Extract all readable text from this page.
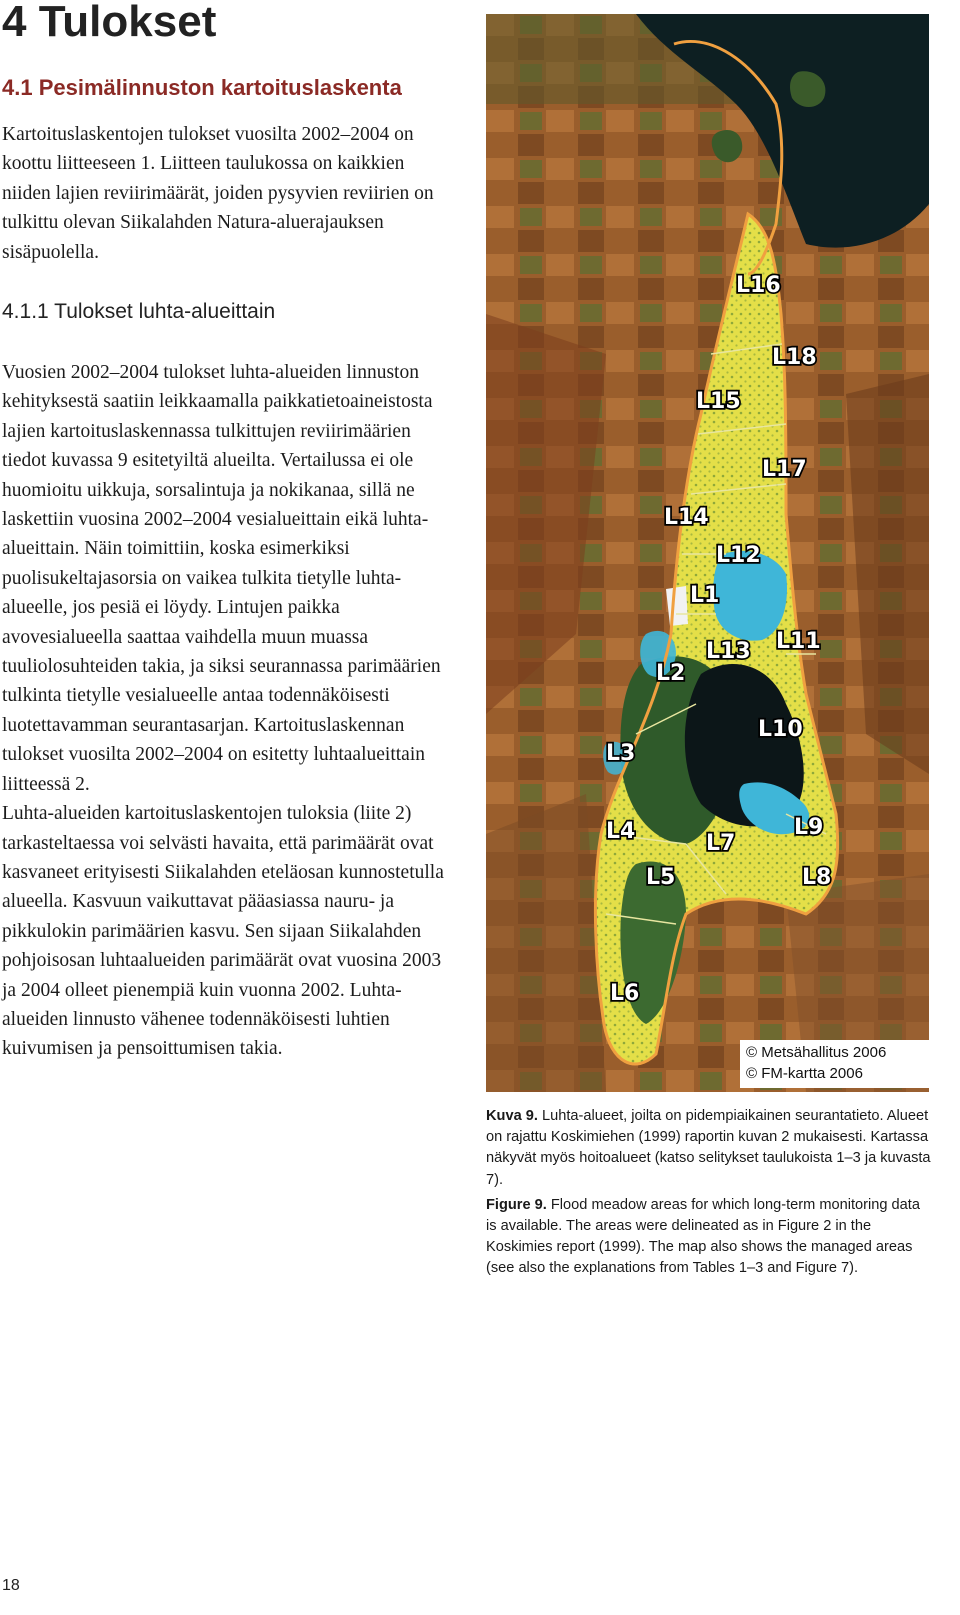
4 Tulokset
4.1 Pesimälinnuston kartoituslaskenta

Kartoituslaskentojen tulokset vuosilta 2002–2004 on koottu liitteeseen 1. Liitteen taulukossa on kaikkien niiden lajien reviirimäärät, joiden pysyvien reviirien on tulkittu olevan Siikalahden Natura-aluerajauksen sisäpuolella.

4.1.1 Tulokset luhta-alueittain

Vuosien 2002–2004 tulokset luhta-alueiden linnuston kehityksestä saatiin leikkaamalla paikkatietoaineistosta lajien kartoituslaskennassa tulkittujen reviirimäärien tiedot kuvassa 9 esitetyiltä alueilta. Vertailussa ei ole huomioitu uikkuja, sorsalintuja ja nokikanaa, sillä ne laskettiin vuosina 2002–2004 vesialueittain eikä luhta-alueittain. Näin toimittiin, koska esimerkiksi puolisukeltajasorsia on vaikea tulkita tietylle luhta-alueelle, jos pesiä ei löydy. Lintujen paikka avovesialueella saattaa vaihdella muun muassa tuuliolosuhteiden takia, ja siksi seurannassa parimäärien tulkinta tietylle vesialueelle antaa todennäköisesti luotettavamman seurantasarjan. Kartoituslaskennan tulokset vuosilta 2002–2004 on esitetty luhtaalueittain liitteessä 2.

Luhta-alueiden kartoituslaskentojen tuloksia (liite 2) tarkasteltaessa voi selvästi havaita, että parimäärät ovat kasvaneet erityisesti Siikalahden eteläosan kunnostetulla alueella. Kasvuun vaikuttavat pääasiassa nauru- ja pikkulokin parimäärien kasvu. Sen sijaan Siikalahden pohjoisosan luhtaalueiden parimäärät ovat vuosina 2003 ja 2004 olleet pienempiä kuin vuonna 2002. Luhta-alueiden linnusto vähenee todennäköisesti luhtien kuivumisen ja pensoittumisen takia.

L16
L18
L15
L17
L14
L12
L1
L13 L11
L2
L10
L3
L9
L4	L7
L8
L5
L6
© Metsähallitus 2006
© FM-kartta 2006

Kuva 9. Luhta-alueet, joilta on pidempiaikainen seurantatieto. Alueet on rajattu Koskimiehen (1999) raportin kuvan 2 mukaisesti. Kartassa näkyvät myös hoitoalueet (katso selitykset taulukoista 1–3 ja kuvasta 7).

Figure 9. Flood meadow areas for which long-term monitoring data is available. The areas were delineated as in Figure 2 in the Koskimies report (1999). The map also shows the managed areas (see also the explanations from Tables 1–3 and Figure 7).

18
